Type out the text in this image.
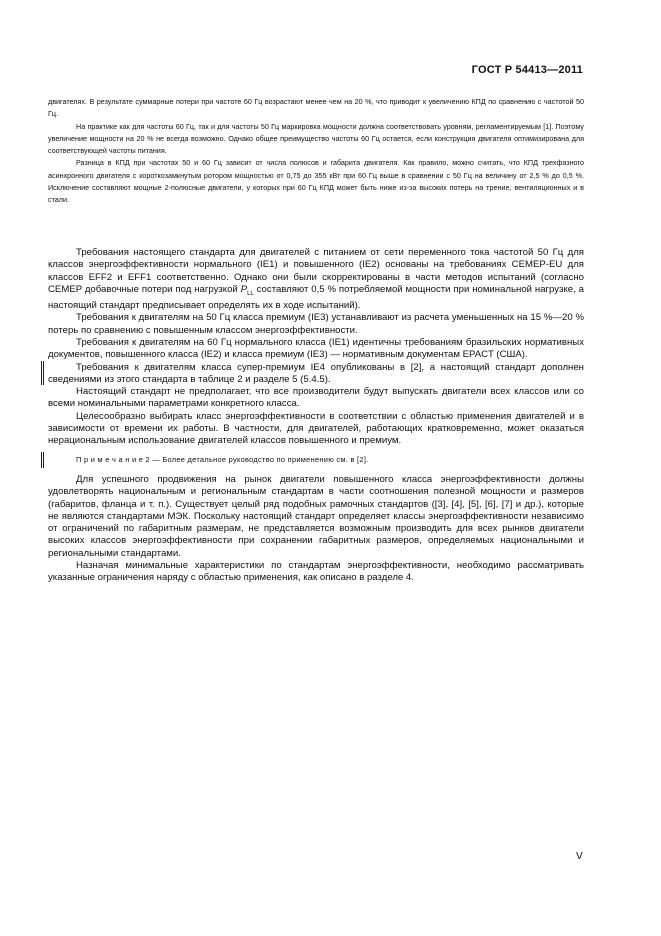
ГОСТ Р 54413—2011

двигателях. В результате суммарные потери при частоте 60 Гц возрастают менее чем на 20 %, что приводит к увеличению КПД по сравнению с частотой 50 Гц.

На практике как для частоты 60 Гц, так и для частоты 50 Гц маркировка мощности должна соответствовать уровням, регламентируемым [1]. Поэтому увеличение мощности на 20 % не всегда возможно. Однако общее преимущество частоты 60 Гц остается, если конструкция двигателя оптимизирована для соответствующей частоты питания.

Разница в КПД при частотах 50 и 60 Гц зависит от числа полюсов и габарита двигателя. Как правило, можно считать, что КПД трехфазного асинхронного двигателя с короткозамкнутым ротором мощностью от 0,75 до 355 кВт при 60 Гц выше в сравнении с 50 Гц на величину от 2,5 % до 0,5 %. Исключение составляют мощные 2-полюсные двигатели, у которых при 60 Гц КПД может быть ниже из-за высоких потерь на трение, вентиляционных и в стали.

Требования настоящего стандарта для двигателей с питанием от сети переменного тока частотой 50 Гц для классов энергоэффективности нормального (IE1) и повышенного (IE2) основаны на требованиях CEMEP-EU для классов EFF2 и EFF1 соответственно. Однако они были скорректированы в части методов испытаний (согласно CEMEP добавочные потери под нагрузкой $P_{LL}$ составляют 0,5 % потребляемой мощности при номинальной нагрузке, а настоящий стандарт предписывает определять их в ходе испытаний).

Требования к двигателям на 50 Гц класса премиум (IE3) устанавливают из расчета уменьшенных на 15 %—20 % потерь по сравнению с повышенным классом энергоэффективности.

Требования к двигателям на 60 Гц нормального класса (IE1) идентичны требованиям бразильских нормативных документов, повышенного класса (IE2) и класса премиум (IE3) — нормативным документам EPACT (США).

Требования к двигателям класса супер-премиум IE4 опубликованы в [2], а настоящий стандарт дополнен сведениями из этого стандарта в таблице 2 и разделе 5 (5.4.5).

Настоящий стандарт не предполагает, что все производители будут выпускать двигатели всех классов или со всеми номинальными параметрами конкретного класса.

Целесообразно выбирать класс энергоэффективности в соответствии с областью применения двигателей и в зависимости от времени их работы. В частности, для двигателей, работающих кратковременно, может оказаться нерациональным использование двигателей классов повышенного и премиум.

П р и м е ч а н и е 2 — Более детальное руководство по применению см. в [2].

Для успешного продвижения на рынок двигатели повышенного класса энергоэффективности должны удовлетворять национальным и региональным стандартам в части соотношения полезной мощности и размеров (габаритов, фланца и т. п.). Существует целый ряд подобных рамочных стандартов ([3], [4], [5], [6], [7] и др.), которые не являются стандартами МЭК. Поскольку настоящий стандарт определяет классы энергоэффективности независимо от ограничений по габаритным размерам, не представляется возможным производить для всех рынков двигатели высоких классов энергоэффективности при сохранении габаритных размеров, определяемых национальными и региональными стандартами.

Назначая минимальные характеристики по стандартам энергоэффективности, необходимо рассматривать указанные ограничения наряду с областью применения, как описано в разделе 4.

V
